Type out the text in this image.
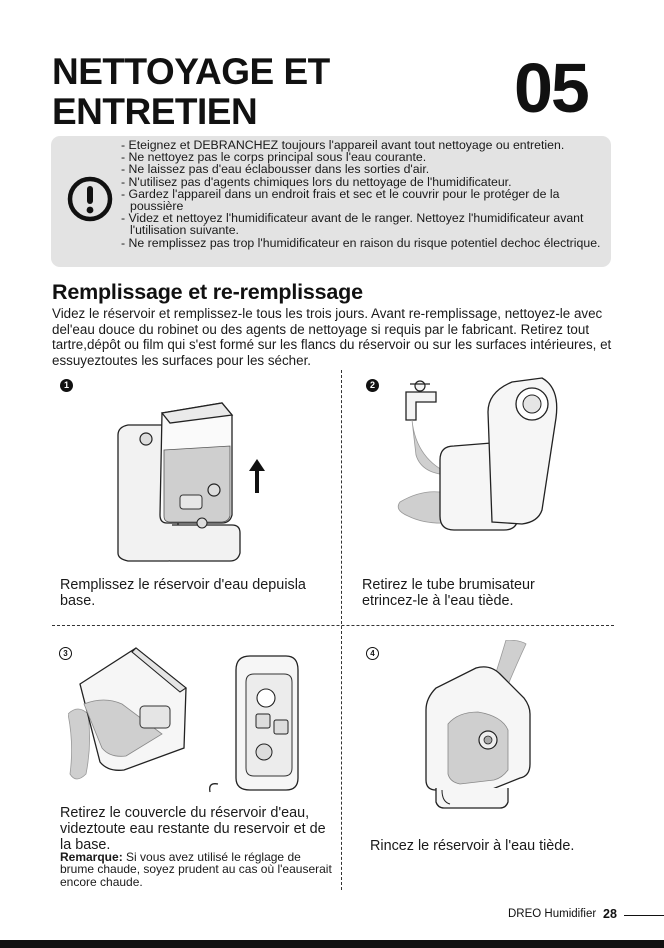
NETTOYAGE ET ENTRETIEN	05
- Eteignez et DEBRANCHEZ toujours l'appareil avant tout nettoyage ou entretien.
- Ne nettoyez pas le corps principal sous l'eau courante.
- Ne laissez pas d'eau éclabousser dans les sorties d'air.
- N'utilisez pas d'agents chimiques lors du nettoyage de l'humidificateur.
- Gardez l'appareil dans un endroit frais et sec et le couvrir pour le protéger de la poussière
- Videz et nettoyez l'humidificateur avant de le ranger. Nettoyez l'humidificateur avant l'utilisation suivante.
- Ne remplissez pas trop l'humidificateur en raison du risque potentiel dechoc électrique.
Remplissage et re-remplissage

Videz le réservoir et remplissez-le tous les trois jours. Avant re-remplissage, nettoyez-le avec del'eau douce du robinet ou des agents de nettoyage si requis par le fabricant. Retirez tout tartre,dépôt ou film qui s'est formé sur les flancs du réservoir ou sur les surfaces intérieures, et essuyeztoutes les surfaces pour les sécher.

1

Remplissez le réservoir d'eau depuisla base.

2

Retirez le tube brumisateur etrincez-le à l'eau tiède.

3

Retirez le couvercle du réservoir d'eau, videztoute eau restante du reservoir et de la base.

Remarque: Si vous avez utilisé le réglage de brume chaude, soyez prudent au cas où l'eauserait encore chaude.

4

Rincez le réservoir à l'eau tiède.

DREO Humidifier 28
